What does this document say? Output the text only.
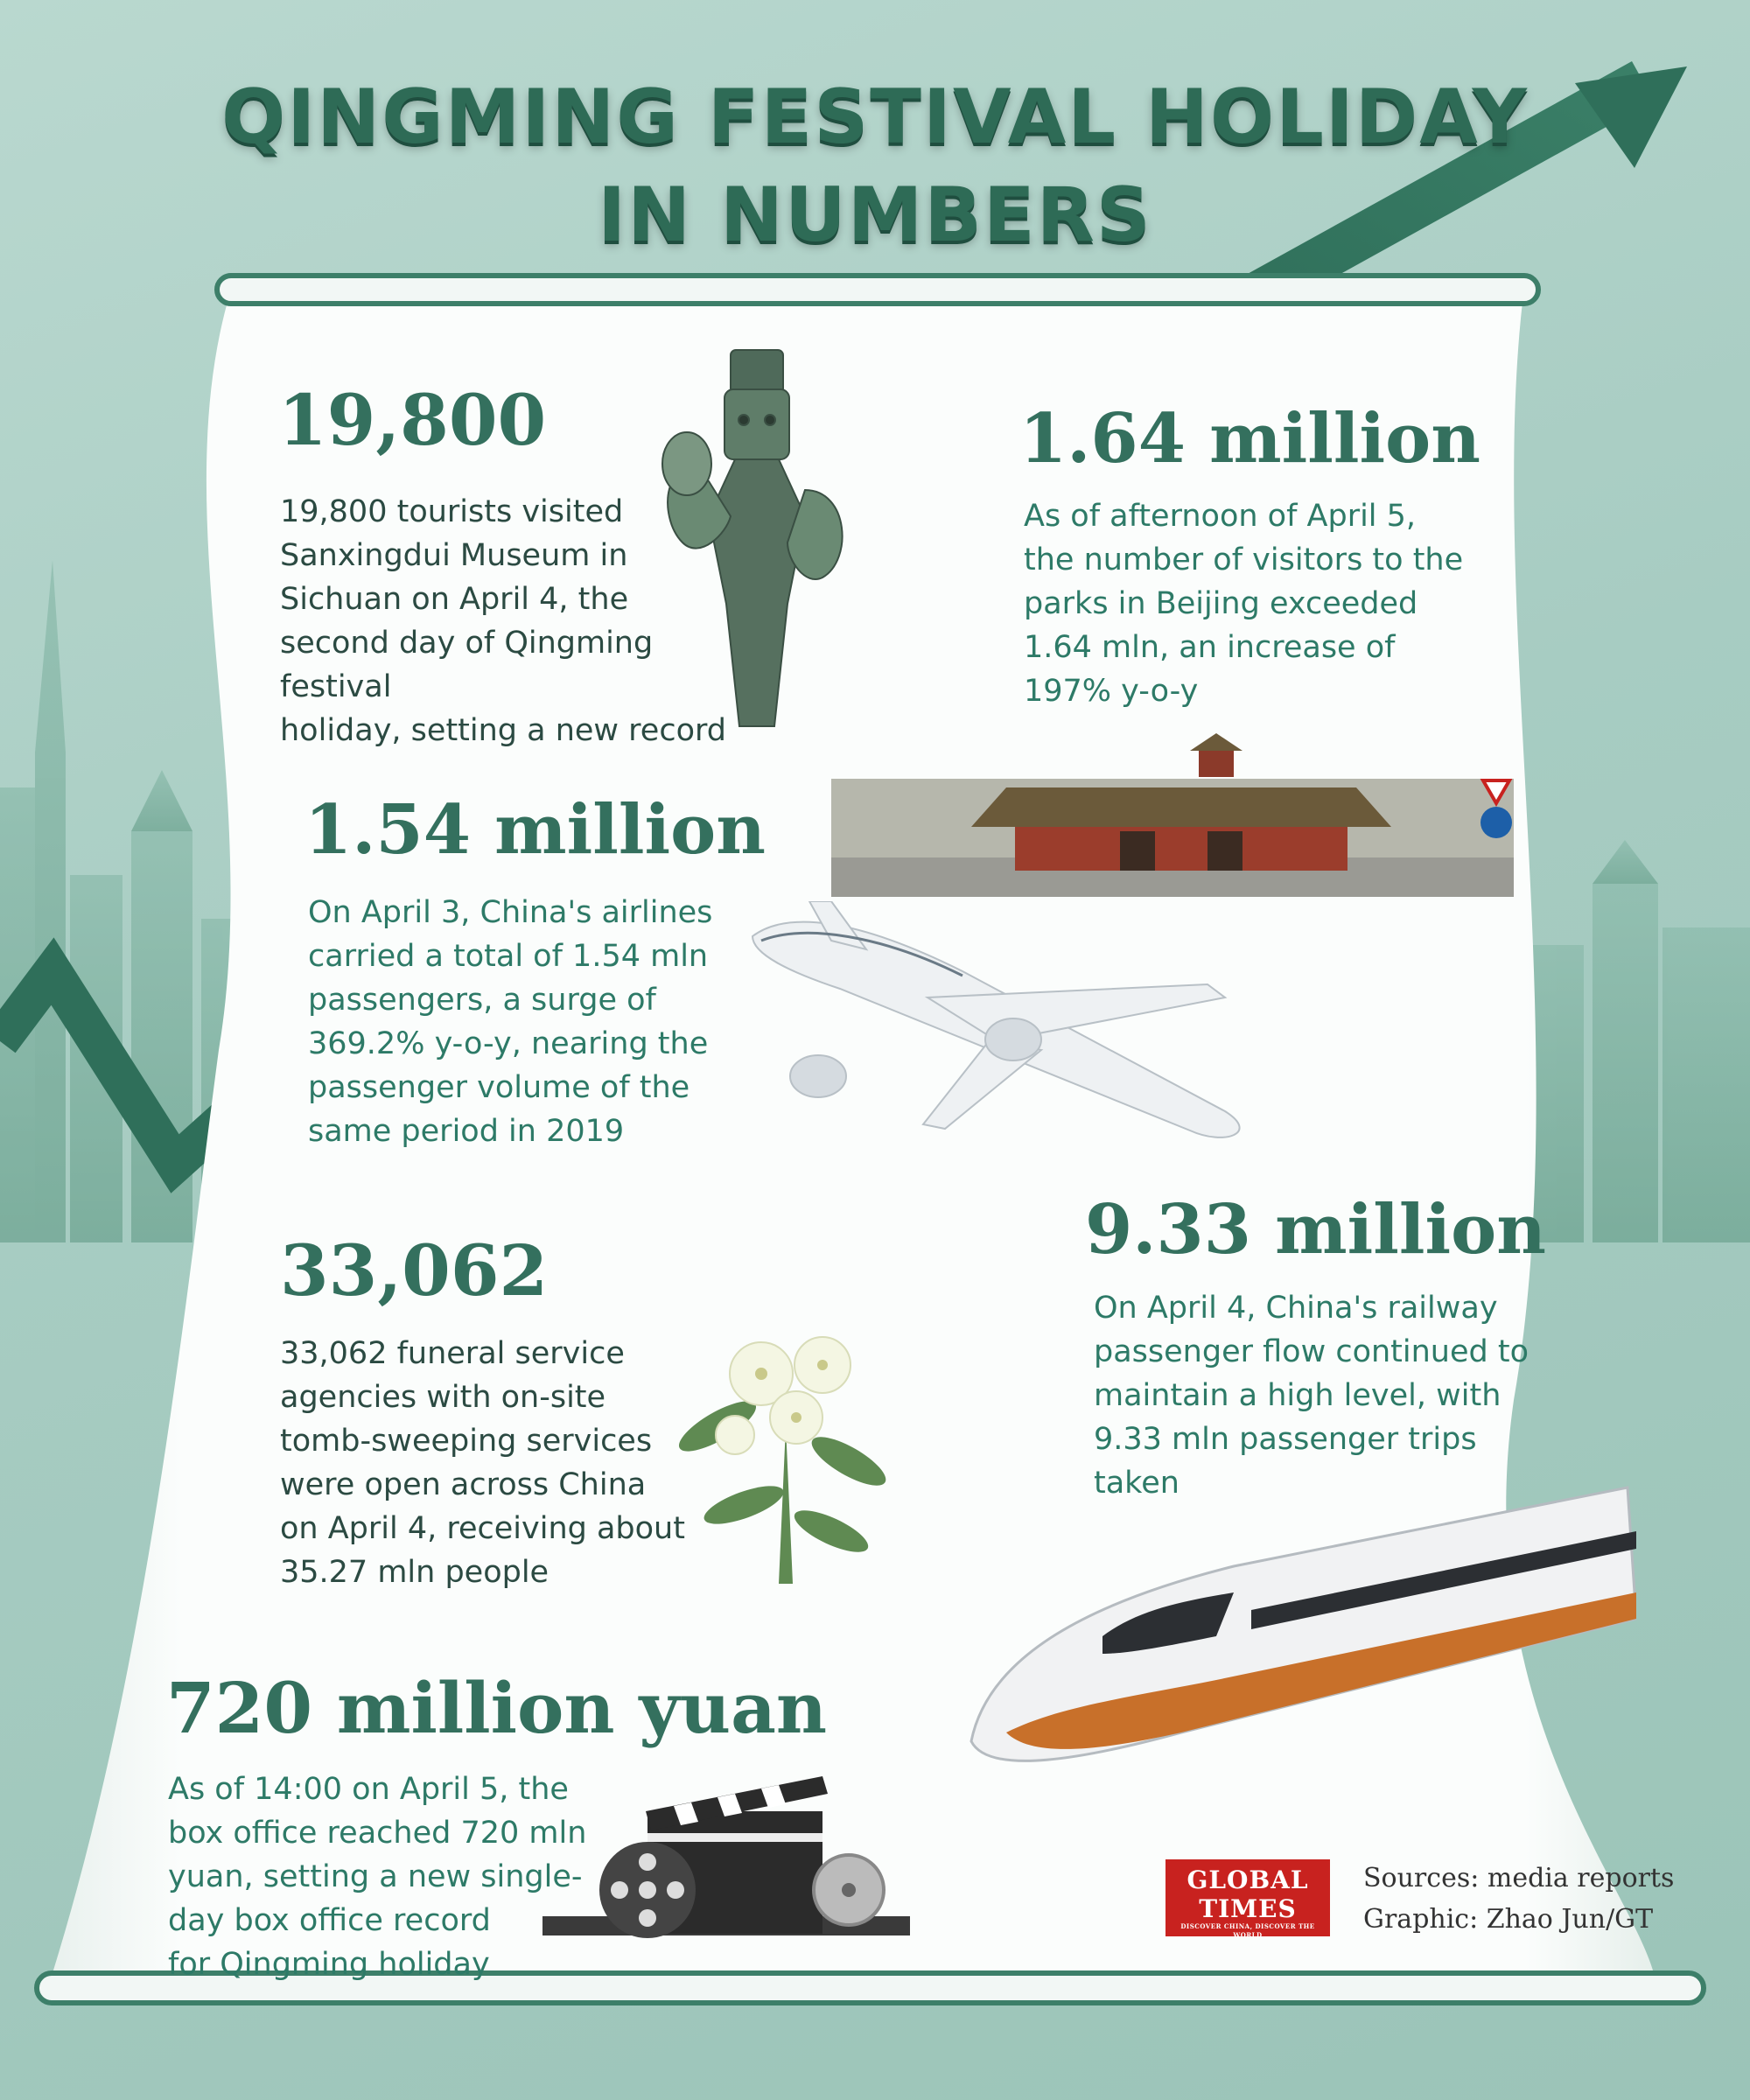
QINGMING FESTIVAL HOLIDAY
IN NUMBERS
19,800
19,800 tourists visited
Sanxingdui Museum in
Sichuan on April 4, the
second day of Qingming festival
holiday, setting a new record
1.64 million
As of afternoon of April 5,
the number of visitors to the
parks in Beijing exceeded
1.64 mln, an increase of
197% y-o-y
1.54 million
On April 3, China's airlines
carried a total of 1.54 mln
passengers, a surge of
369.2% y-o-y, nearing the
passenger volume of the
same period in 2019
33,062
33,062 funeral service
agencies with on-site
tomb-sweeping services
were open across China
on April 4, receiving about
35.27 mln people
9.33 million
On April 4, China's railway
passenger flow continued to
maintain a high level, with
9.33 mln passenger trips
taken
720 million yuan
As of 14:00 on April 5, the
box office reached 720 mln
yuan, setting a new single-
day box office record
for Qingming holiday
GLOBAL
TIMES
DISCOVER CHINA, DISCOVER THE WORLD
Sources: media reports
Graphic: Zhao Jun/GT
